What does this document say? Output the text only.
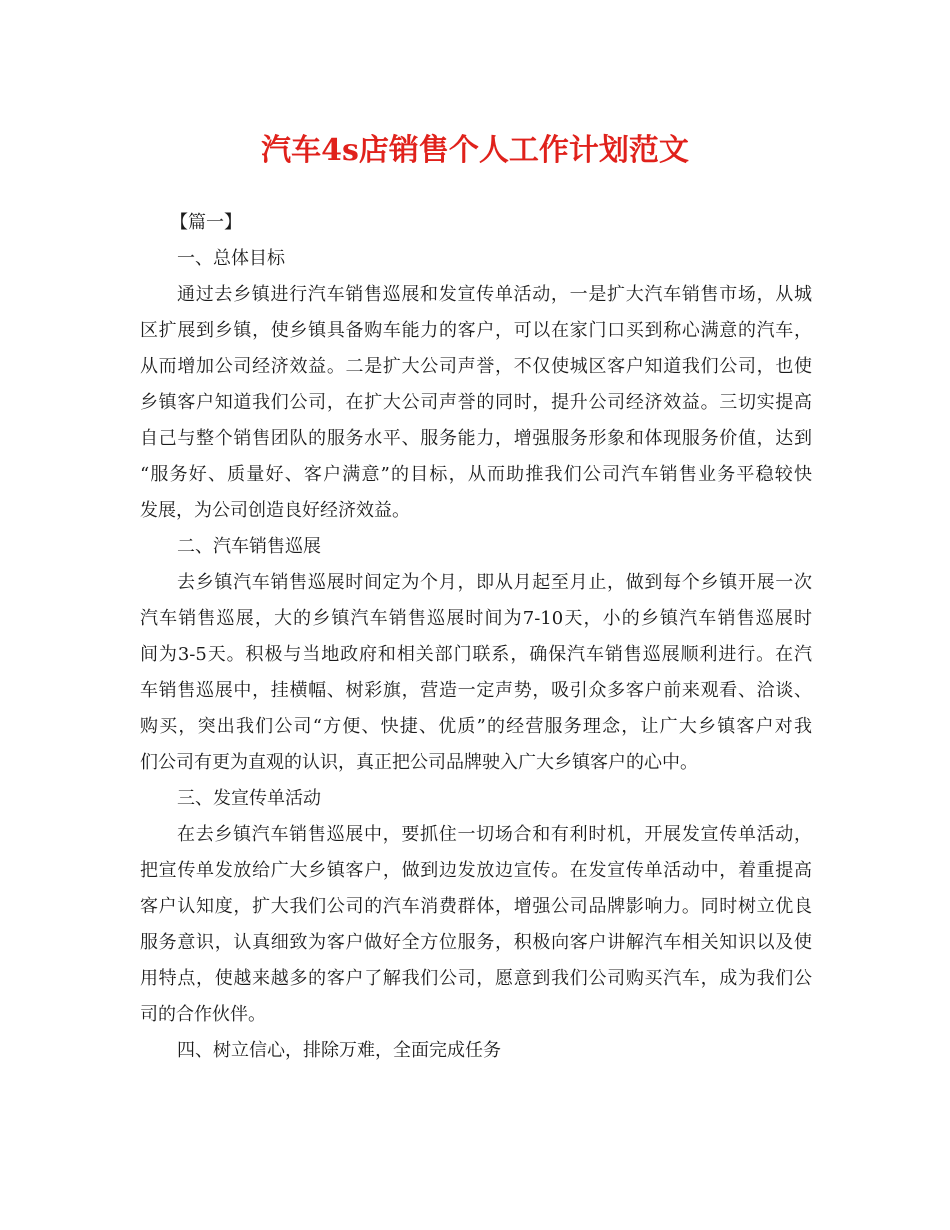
汽车4s店销售个人工作计划范文

【篇一】

一、总体目标

通过去乡镇进行汽车销售巡展和发宣传单活动，一是扩大汽车销售市场，从城

区扩展到乡镇，使乡镇具备购车能力的客户，可以在家门口买到称心满意的汽车，

从而增加公司经济效益。二是扩大公司声誉，不仅使城区客户知道我们公司，也使

乡镇客户知道我们公司，在扩大公司声誉的同时，提升公司经济效益。三切实提高

自己与整个销售团队的服务水平、服务能力，增强服务形象和体现服务价值，达到

“服务好、质量好、客户满意”的目标，从而助推我们公司汽车销售业务平稳较快

发展，为公司创造良好经济效益。

二、汽车销售巡展

去乡镇汽车销售巡展时间定为个月，即从月起至月止，做到每个乡镇开展一次

汽车销售巡展，大的乡镇汽车销售巡展时间为7-10天，小的乡镇汽车销售巡展时

间为3-5天。积极与当地政府和相关部门联系，确保汽车销售巡展顺利进行。在汽

车销售巡展中，挂横幅、树彩旗，营造一定声势，吸引众多客户前来观看、洽谈、

购买，突出我们公司“方便、快捷、优质”的经营服务理念，让广大乡镇客户对我

们公司有更为直观的认识，真正把公司品牌驶入广大乡镇客户的心中。

三、发宣传单活动

在去乡镇汽车销售巡展中，要抓住一切场合和有利时机，开展发宣传单活动，

把宣传单发放给广大乡镇客户，做到边发放边宣传。在发宣传单活动中，着重提高

客户认知度，扩大我们公司的汽车消费群体，增强公司品牌影响力。同时树立优良

服务意识，认真细致为客户做好全方位服务，积极向客户讲解汽车相关知识以及使

用特点，使越来越多的客户了解我们公司，愿意到我们公司购买汽车，成为我们公

司的合作伙伴。

四、树立信心，排除万难，全面完成任务
